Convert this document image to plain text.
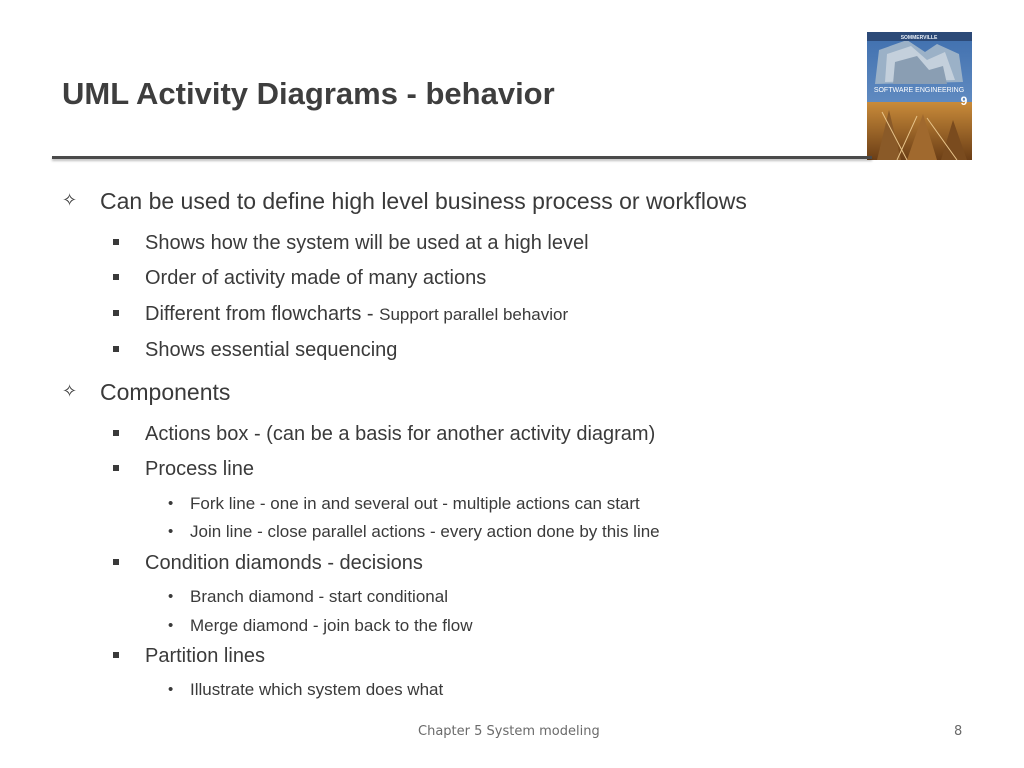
UML Activity Diagrams - behavior
SOMMERVILLE
SOFTWARE ENGINEERING
9
✧ Can be used to define high level business process or workflows
Shows how the system will be used at a high level
Order of activity made of many actions
Different from flowcharts - Support parallel behavior
Shows essential sequencing
✧ Components
Actions box - (can be a basis for another activity diagram)
Process line
• Fork line - one in and several out - multiple actions can start
• Join line - close parallel actions - every action done by this line
Condition diamonds - decisions
• Branch diamond - start conditional
• Merge diamond - join back to the flow
Partition lines
• Illustrate which system does what
Chapter 5 System modeling	8
